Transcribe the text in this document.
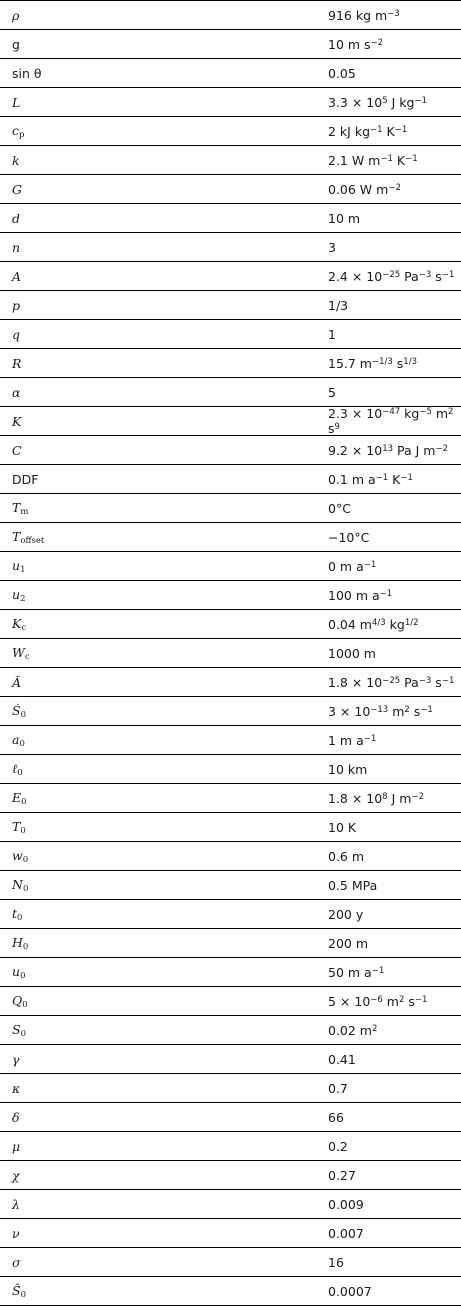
ρ	916 kg $m^{-3}$
g	10 m $s^{-2}$
sin θ	0.05
L	$3.3 \times 10^5$ J $kg^{-1}$
$c_p$	2 kJ $kg^{-1}$ $K^{-1}$
k	2.1 W $m^{-1}$ $K^{-1}$
G	0.06 W $m^{-2}$
d	10 m
n	3
A	$2.4 \times 10^{-25}$ $Pa^{-3}$ $s^{-1}$
p	1/3
q	1
R	15.7 $m^{-1/3}$ $s^{1/3}$
α	5
K	$2.3 \times 10^{-47}$ $kg^{-5}$ $m^2$ $s^9$
C	$9.2 \times 10^{13}$ Pa J $m^{-2}$
DDF	0.1 m $a^{-1}$ $K^{-1}$
$T_m$	0°C
$T_{offset}$	−10°C
$u_1$	0 m $a^{-1}$
$u_2$	100 m $a^{-1}$
$K_c$	0.04 $m^{4/3}$ $kg^{1/2}$
$W_c$	1000 m
Ã	$1.8 \times 10^{-25}$ $Pa^{-3}$ $s^{-1}$
Ṡ$_0$	$3 \times 10^{-13}$ $m^2$ $s^{-1}$
$a_0$	1 m $a^{-1}$
ℓ$_0$	10 km
$E_0$	$1.8 \times 10^8$ J $m^{-2}$
$T_0$	10 K
$w_0$	0.6 m
$N_0$	0.5 MPa
$t_0$	200 y
$H_0$	200 m
$u_0$	50 m $a^{-1}$
$Q_0$	$5 \times 10^{-6}$ $m^2$ $s^{-1}$
$S_0$	0.02 $m^2$
γ	0.41
κ	0.7
δ	66
μ	0.2
χ	0.27
λ	0.009
ν	0.007
σ	16
$Ŝ̇_0$	0.0007
